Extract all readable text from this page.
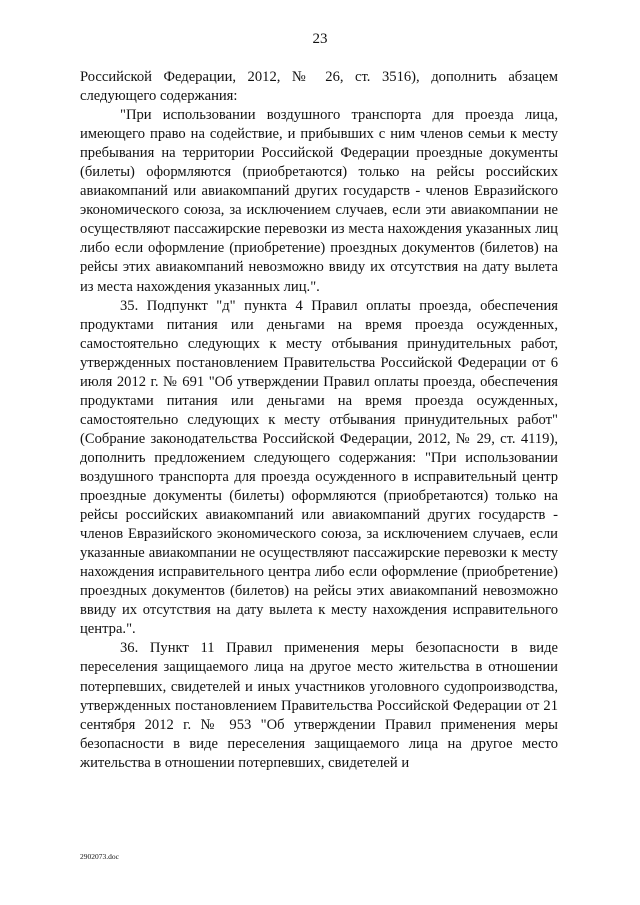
23

Российской Федерации, 2012, № 26, ст. 3516), дополнить абзацем следующего содержания:

"При использовании воздушного транспорта для проезда лица, имеющего право на содействие, и прибывших с ним членов семьи к месту пребывания на территории Российской Федерации проездные документы (билеты) оформляются (приобретаются) только на рейсы российских авиакомпаний или авиакомпаний других государств - членов Евразийского экономического союза, за исключением случаев, если эти авиакомпании не осуществляют пассажирские перевозки из места нахождения указанных лиц либо если оформление (приобретение) проездных документов (билетов) на рейсы этих авиакомпаний невозможно ввиду их отсутствия на дату вылета из места нахождения указанных лиц.".

35. Подпункт "д" пункта 4 Правил оплаты проезда, обеспечения продуктами питания или деньгами на время проезда осужденных, самостоятельно следующих к месту отбывания принудительных работ, утвержденных постановлением Правительства Российской Федерации от 6 июля 2012 г. № 691 "Об утверждении Правил оплаты проезда, обеспечения продуктами питания или деньгами на время проезда осужденных, самостоятельно следующих к месту отбывания принудительных работ" (Собрание законодательства Российской Федерации, 2012, № 29, ст. 4119), дополнить предложением следующего содержания: "При использовании воздушного транспорта для проезда осужденного в исправительный центр проездные документы (билеты) оформляются (приобретаются) только на рейсы российских авиакомпаний или авиакомпаний других государств - членов Евразийского экономического союза, за исключением случаев, если указанные авиакомпании не осуществляют пассажирские перевозки к месту нахождения исправительного центра либо если оформление (приобретение) проездных документов (билетов) на рейсы этих авиакомпаний невозможно ввиду их отсутствия на дату вылета к месту нахождения исправительного центра.".

36. Пункт 11 Правил применения меры безопасности в виде переселения защищаемого лица на другое место жительства в отношении потерпевших, свидетелей и иных участников уголовного судопроизводства, утвержденных постановлением Правительства Российской Федерации от 21 сентября 2012 г. № 953 "Об утверждении Правил применения меры безопасности в виде переселения защищаемого лица на другое место жительства в отношении потерпевших, свидетелей и

2902073.doc
